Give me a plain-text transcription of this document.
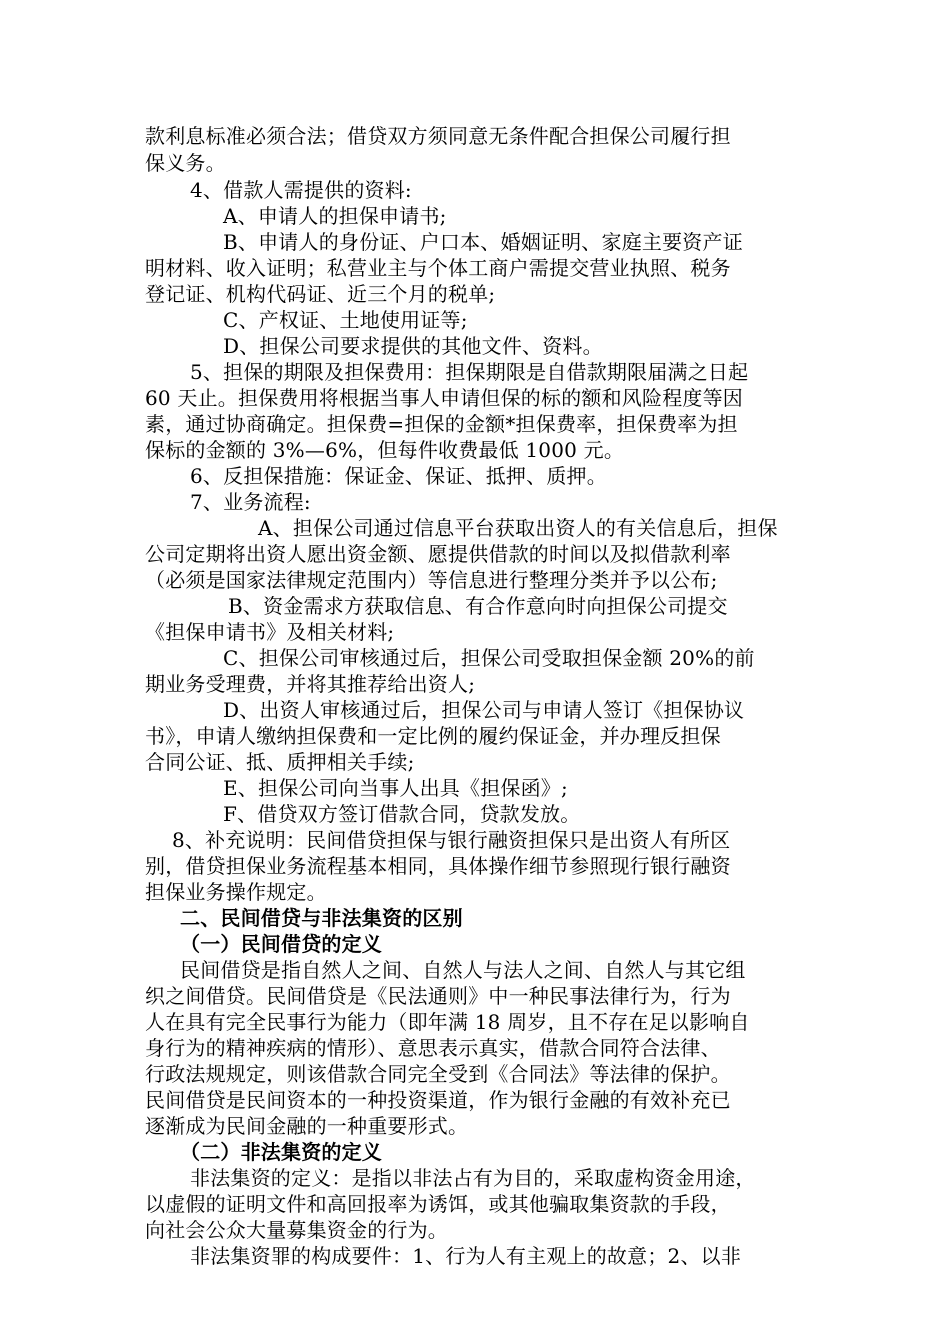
款利息标准必须合法；借贷双方须同意无条件配合担保公司履行担
保义务。
4、借款人需提供的资料:
A、申请人的担保申请书;
B、申请人的身份证、户口本、婚姻证明、家庭主要资产证
明材料、收入证明；私营业主与个体工商户需提交营业执照、税务
登记证、机构代码证、近三个月的税单;
C、产权证、土地使用证等;
D、担保公司要求提供的其他文件、资料。
5、担保的期限及担保费用：担保期限是自借款期限届满之日起
60 天止。担保费用将根据当事人申请但保的标的额和风险程度等因
素，通过协商确定。担保费=担保的金额*担保费率，担保费率为担
保标的金额的 3%—6%，但每件收费最低 1000 元。
6、反担保措施：保证金、保证、抵押、质押。
7、业务流程:
A、担保公司通过信息平台获取出资人的有关信息后，担保
公司定期将出资人愿出资金额、愿提供借款的时间以及拟借款利率
（必须是国家法律规定范围内）等信息进行整理分类并予以公布;
B、资金需求方获取信息、有合作意向时向担保公司提交
《担保申请书》及相关材料;
C、担保公司审核通过后，担保公司受取担保金额 20%的前
期业务受理费，并将其推荐给出资人;
D、出资人审核通过后，担保公司与申请人签订《担保协议
书》，申请人缴纳担保费和一定比例的履约保证金，并办理反担保
合同公证、抵、质押相关手续;
E、担保公司向当事人出具《担保函》;
F、借贷双方签订借款合同，贷款发放。
8、补充说明：民间借贷担保与银行融资担保只是出资人有所区
别，借贷担保业务流程基本相同，具体操作细节参照现行银行融资
担保业务操作规定。
二、民间借贷与非法集资的区别
（一）民间借贷的定义
民间借贷是指自然人之间、自然人与法人之间、自然人与其它组
织之间借贷。民间借贷是《民法通则》中一种民事法律行为，行为
人在具有完全民事行为能力（即年满 18 周岁，且不存在足以影响自
身行为的精神疾病的情形）、意思表示真实，借款合同符合法律、
行政法规规定，则该借款合同完全受到《合同法》等法律的保护。
民间借贷是民间资本的一种投资渠道，作为银行金融的有效补充已
逐渐成为民间金融的一种重要形式。
（二）非法集资的定义
非法集资的定义：是指以非法占有为目的，采取虚构资金用途，
以虚假的证明文件和高回报率为诱饵，或其他骗取集资款的手段，
向社会公众大量募集资金的行为。
非法集资罪的构成要件：1、行为人有主观上的故意；2、以非
